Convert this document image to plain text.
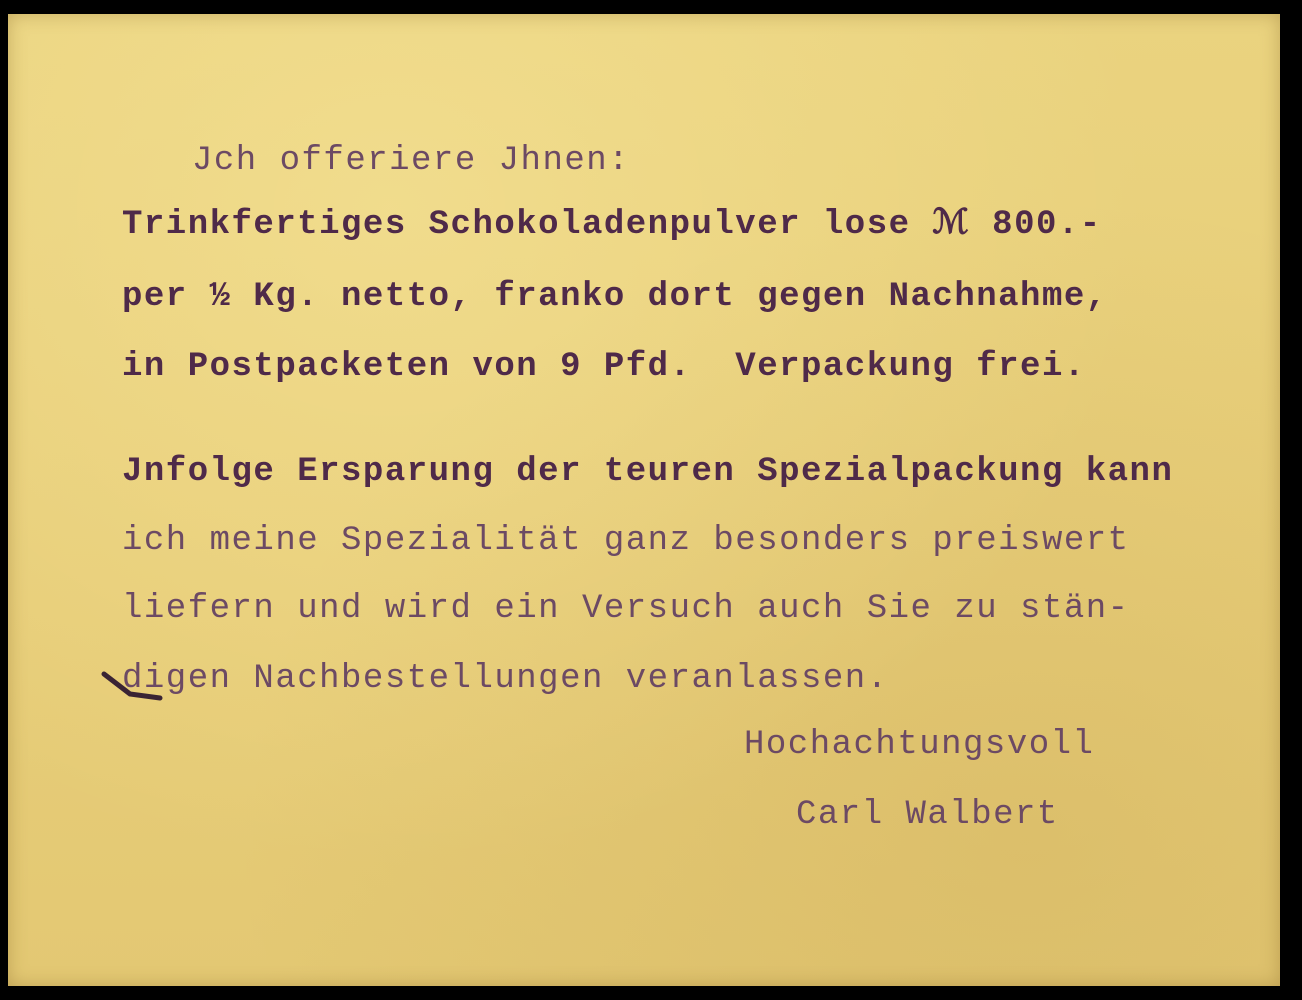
Jch offeriere Jhnen:
Trinkfertiges Schokoladenpulver lose ℳ 800.-
per ½ Kg. netto, franko dort gegen Nachnahme,
in Postpacketen von 9 Pfd.  Verpackung frei.
Jnfolge Ersparung der teuren Spezialpackung kann
ich meine Spezialität ganz besonders preiswert
liefern und wird ein Versuch auch Sie zu stän-
digen Nachbestellungen veranlassen.
Hochachtungsvoll
Carl Walbert
